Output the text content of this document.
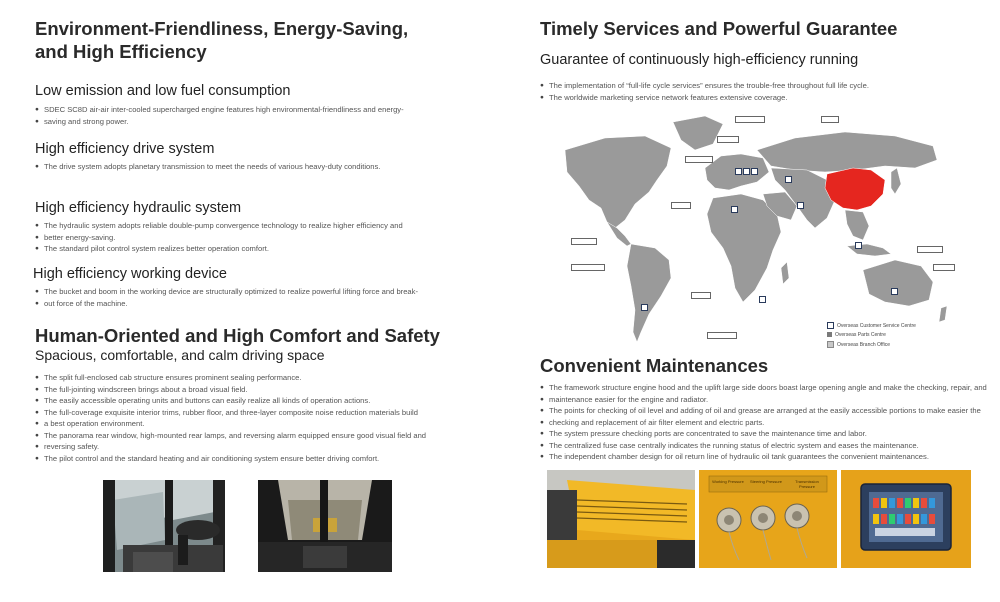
Environment-Friendliness, Energy-Saving,
and High Efficiency
Low emission and low fuel consumption

● SDEC SC8D air-air inter-cooled supercharged engine features high environmental-friendliness and energy-

● saving and strong power.

High efficiency drive system

● The drive system adopts planetary transmission to meet the needs of various heavy-duty conditions.

High efficiency hydraulic system

● The hydraulic system adopts reliable double-pump convergence technology to realize higher efficiency and

● better energy-saving.

● The standard pilot control system realizes better operation comfort.

High efficiency working device

● The bucket and boom in the working device are structurally optimized to realize powerful lifting force and break-

● out force of the machine.

Human-Oriented and High Comfort and Safety
Spacious, comfortable, and calm driving space

● The split full-enclosed cab structure ensures prominent sealing performance.

● The full-jointing windscreen brings about a broad visual field.

● The easily accessible operating units and buttons can easily realize all kinds of operation actions.

● The full-coverage exquisite interior trims, rubber floor, and three-layer composite noise reduction materials build

● a best operation environment.

● The panorama rear window, high-mounted rear lamps, and reversing alarm equipped ensure good visual field and

● reversing safety.

● The pilot control and the standard heating and air conditioning system ensure better driving comfort.

Timely Services and Powerful Guarantee
Guarantee of continuously high-efficiency running

● The implementation of “full-life cycle services” ensures the trouble-free throughout full life cycle.

● The worldwide marketing service network features extensive coverage.

Overseas Customer Service Centre
Overseas Parts Centre
Overseas Branch Office
Convenient Maintenances

● The framework structure engine hood and the uplift large side doors boast large opening angle and make the checking, repair, and

● maintenance easier for the engine and radiator.

● The points for checking of oil level and adding of oil and grease are arranged at the easily accessible portions to make easier the

● checking and replacement of air filter element and electric parts.

● The system pressure checking ports are concentrated to save the maintenance time and labor.

● The centralized fuse case centrally indicates the running status of electric system and eases the maintenance.

● The independent chamber design for oil return line of hydraulic oil tank guarantees the convenient maintenances.

Working Pressure Steering Pressure	Transmission Pressure
